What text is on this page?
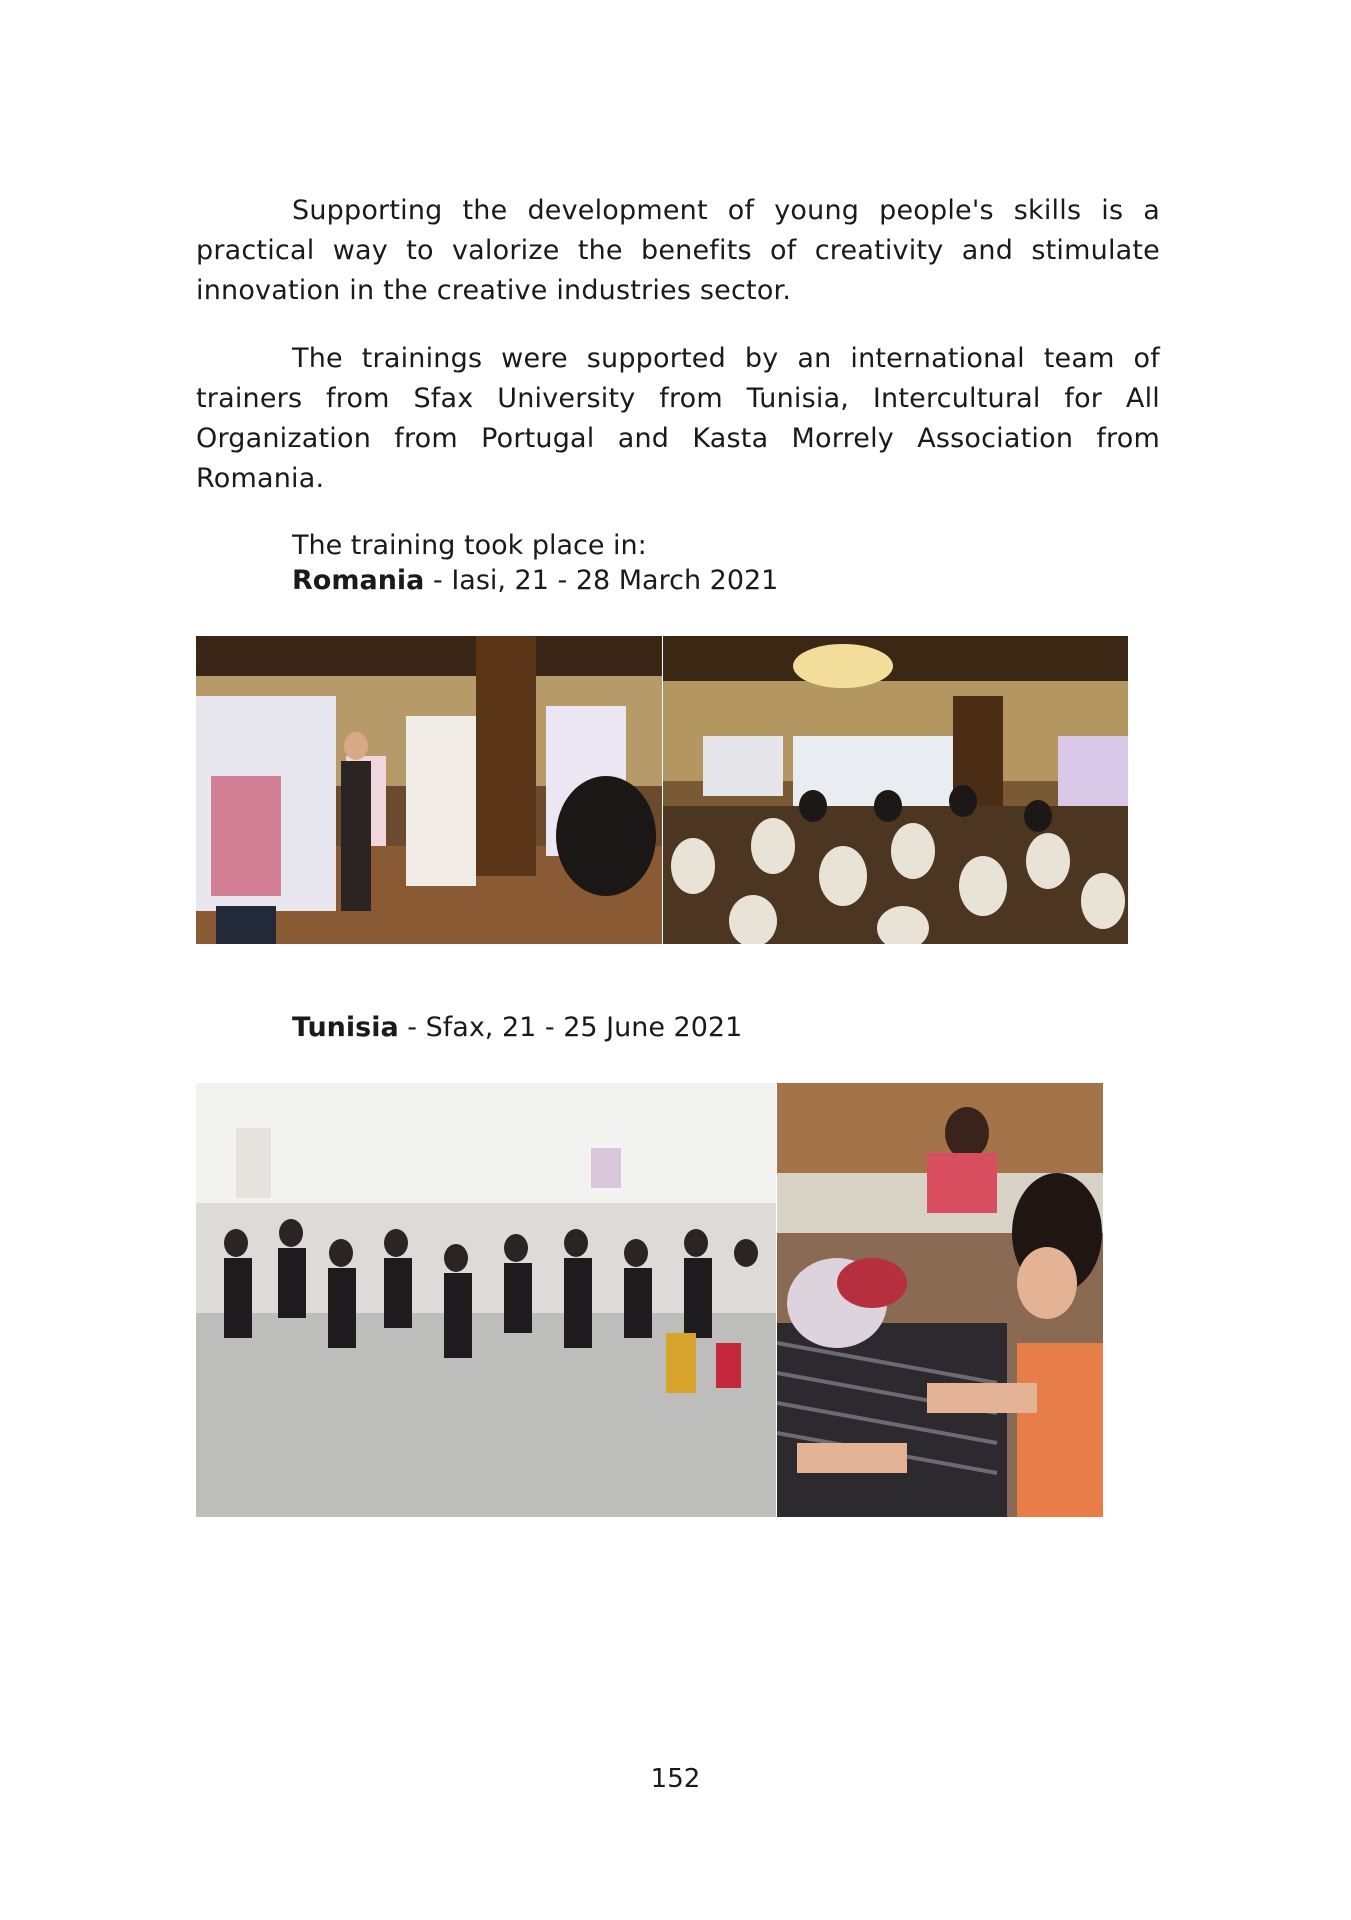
Supporting the development of young people's skills is a practical way to valorize the benefits of creativity and stimulate innovation in the creative industries sector.

The trainings were supported by an international team of trainers from Sfax University from Tunisia, Intercultural for All Organization from Portugal and Kasta Morrely Association from Romania.

The training took place in:

Romania - Iasi, 21 - 28 March 2021

Tunisia - Sfax, 21 - 25 June 2021

152
